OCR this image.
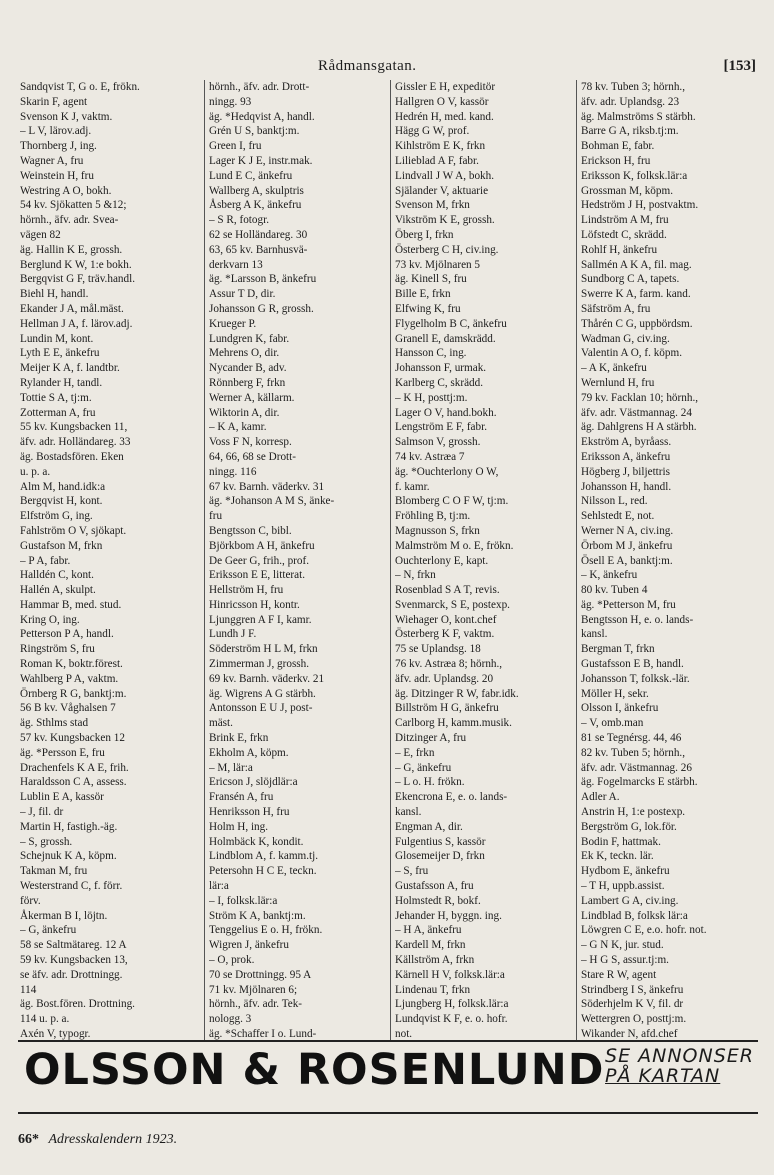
Rådmansgatan.	[153]
Sandqvist T, G o. E, frökn.
Skarin F, agent
Svenson K J, vaktm.
– L V, lärov.adj.
Thornberg J, ing.
Wagner A, fru
Weinstein H, fru
Westring A O, bokh.
54 kv. Sjökatten 5 &12;
hörnh., äfv. adr. Svea-
vägen 82
äg. Hallin K E, grossh.
Berglund K W, 1:e bokh.
Bergqvist G F, träv.handl.
Biehl H, handl.
Ekander J A, mål.mäst.
Hellman J A, f. lärov.adj.
Lundin M, kont.
Lyth E E, änkefru
Meijer K A, f. landtbr.
Rylander H, tandl.
Tottie S A, tj:m.
Zotterman A, fru
55 kv. Kungsbacken 11,
äfv. adr. Holländareg. 33
äg. Bostadsfören. Eken
u. p. a.
Alm M, hand.idk:a
Bergqvist H, kont.
Elfström G, ing.
Fahlström O V, sjökapt.
Gustafson M, frkn
– P A, fabr.
Halldén C, kont.
Hallén A, skulpt.
Hammar B, med. stud.
Kring O, ing.
Petterson P A, handl.
Ringström S, fru
Roman K, boktr.förest.
Wahlberg P A, vaktm.
Örnberg R G, banktj:m.
56 B kv. Våghalsen 7
äg. Sthlms stad
57 kv. Kungsbacken 12
äg. *Persson E, fru
Drachenfels K A E, frih.
Haraldsson C A, assess.
Lublin E A, kassör
– J, fil. dr
Martin H, fastigh.-äg.
– S, grossh.
Schejnuk K A, köpm.
Takman M, fru
Westerstrand C, f. förr.
förv.
Åkerman B I, löjtn.
– G, änkefru
58 se Saltmätareg. 12 A
59 kv. Kungsbacken 13,
se äfv. adr. Drottningg.
114
äg. Bost.fören. Drottning.
114 u. p. a.
Axén V, typogr.
hörnh., äfv. adr. Drott-
ningg. 93
äg. *Hedqvist A, handl.
Grén U S, banktj:m.
Green I, fru
Lager K J E, instr.mak.
Lund E C, änkefru
Wallberg A, skulptris
Åsberg A K, änkefru
– S R, fotogr.
62 se Holländareg. 30
63, 65 kv. Barnhusvä-
derkvarn 13
äg. *Larsson B, änkefru
Assur T D, dir.
Johansson G R, grossh.
Krueger P.
Lundgren K, fabr.
Mehrens O, dir.
Nycander B, adv.
Rönnberg F, frkn
Werner A, källarm.
Wiktorin A, dir.
– K A, kamr.
Voss F N, korresp.
64, 66, 68 se Drott-
ningg. 116
67 kv. Barnh. väderkv. 31
äg. *Johanson A M S, änke-
fru
Bengtsson C, bibl.
Björkbom A H, änkefru
De Geer G, frih., prof.
Eriksson E E, litterat.
Hellström H, fru
Hinricsson H, kontr.
Ljunggren A F I, kamr.
Lundh J F.
Söderström H L M, frkn
Zimmerman J, grossh.
69 kv. Barnh. väderkv. 21
äg. Wigrens A G stärbh.
Antonsson E U J, post-
mäst.
Brink E, frkn
Ekholm A, köpm.
– M, lär:a
Ericson J, slöjdlär:a
Fransén A, fru
Henriksson H, fru
Holm H, ing.
Holmbäck K, kondit.
Lindblom A, f. kamm.tj.
Petersohn H C E, teckn.
lär:a
– I, folksk.lär:a
Ström K A, banktj:m.
Tenggelius E o. H, frökn.
Wigren J, änkefru
– O, prok.
70 se Drottningg. 95 A
71 kv. Mjölnaren 6;
hörnh., äfv. adr. Tek-
nologg. 3
äg. *Schaffer I o. Lund-
Gissler E H, expeditör
Hallgren O V, kassör
Hedrén H, med. kand.
Hägg G W, prof.
Kihlström E K, frkn
Lilieblad A F, fabr.
Lindvall J W A, bokh.
Själander V, aktuarie
Svenson M, frkn
Vikström K E, grossh.
Öberg I, frkn
Österberg C H, civ.ing.
73 kv. Mjölnaren 5
äg. Kinell S, fru
Bille E, frkn
Elfwing K, fru
Flygelholm B C, änkefru
Granell E, damskrädd.
Hansson C, ing.
Johansson F, urmak.
Karlberg C, skrädd.
– K H, posttj:m.
Lager O V, hand.bokh.
Lengström E F, fabr.
Salmson V, grossh.
74 kv. Astræa 7
äg. *Ouchterlony O W,
f. kamr.
Blomberg C O F W, tj:m.
Fröhling B, tj:m.
Magnusson S, frkn
Malmström M o. E, frökn.
Ouchterlony E, kapt.
– N, frkn
Rosenblad S A T, revis.
Svenmarck, S E, postexp.
Wiehager O, kont.chef
Österberg K F, vaktm.
75 se Uplandsg. 18
76 kv. Astræa 8; hörnh.,
äfv. adr. Uplandsg. 20
äg. Ditzinger R W, fabr.idk.
Billström H G, änkefru
Carlborg H, kamm.musik.
Ditzinger A, fru
– E, frkn
– G, änkefru
– L o. H. frökn.
Ekencrona E, e. o. lands-
kansl.
Engman A, dir.
Fulgentius S, kassör
Glosemeijer D, frkn
– S, fru
Gustafsson A, fru
Holmstedt R, bokf.
Jehander H, byggn. ing.
– H A, änkefru
Kardell M, frkn
Källström A, frkn
Kärnell H V, folksk.lär:a
Lindenau T, frkn
Ljungberg H, folksk.lär:a
Lundqvist K F, e. o. hofr.
not.
78 kv. Tuben 3; hörnh.,
äfv. adr. Uplandsg. 23
äg. Malmströms S stärbh.
Barre G A, riksb.tj:m.
Bohman E, fabr.
Erickson H, fru
Eriksson K, folksk.lär:a
Grossman M, köpm.
Hedström J H, postvaktm.
Lindström A M, fru
Löfstedt C, skrädd.
Rohlf H, änkefru
Sallmén A K A, fil. mag.
Sundborg C A, tapets.
Swerre K A, farm. kand.
Säfström A, fru
Thårén C G, uppbördsm.
Wadman G, civ.ing.
Valentin A O, f. köpm.
– A K, änkefru
Wernlund H, fru
79 kv. Facklan 10; hörnh.,
äfv. adr. Västmannag. 24
äg. Dahlgrens H A stärbh.
Ekström A, byråass.
Eriksson A, änkefru
Högberg J, biljettris
Johansson H, handl.
Nilsson L, red.
Sehlstedt E, not.
Werner N A, civ.ing.
Örbom M J, änkefru
Ösell E A, banktj:m.
– K, änkefru
80 kv. Tuben 4
äg. *Petterson M, fru
Bengtsson H, e. o. lands-
kansl.
Bergman T, frkn
Gustafsson E B, handl.
Johansson T, folksk.-lär.
Möller H, sekr.
Olsson I, änkefru
– V, omb.man
81 se Tegnérsg. 44, 46
82 kv. Tuben 5; hörnh.,
äfv. adr. Västmannag. 26
äg. Fogelmarcks E stärbh.
Adler A.
Anstrin H, 1:e postexp.
Bergström G, lok.för.
Bodin F, hattmak.
Ek K, teckn. lär.
Hydbom E, änkefru
– T H, uppb.assist.
Lambert G A, civ.ing.
Lindblad B, folksk lär:a
Löwgren C E, e.o. hofr. not.
– G N K, jur. stud.
– H G S, assur.tj:m.
Stare R W, agent
Strindberg I S, änkefru
Söderhjelm K V, fil. dr
Wettergren O, posttj:m.
Wikander N, afd.chef
OLSSON & ROSENLUND SE ANNONSER
PÅ KARTAN
66* Adresskalendern 1923.
